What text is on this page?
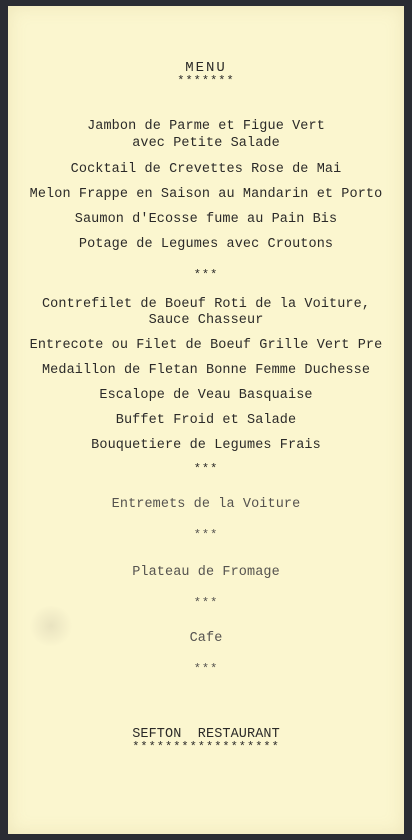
MENU
*******
Jambon de Parme et Figue Vert
avec Petite Salade
Cocktail de Crevettes Rose de Mai
Melon Frappe en Saison au Mandarin et Porto
Saumon d'Ecosse fume au Pain Bis
Potage de Legumes avec Croutons
***
Contrefilet de Boeuf Roti de la Voiture,
Sauce Chasseur
Entrecote ou Filet de Boeuf Grille Vert Pre
Medaillon de Fletan Bonne Femme Duchesse
Escalope de Veau Basquaise
Buffet Froid et Salade
Bouquetiere de Legumes Frais
***
Entremets de la Voiture
***
Plateau de Fromage
***
Cafe
***
SEFTON  RESTAURANT
******************
